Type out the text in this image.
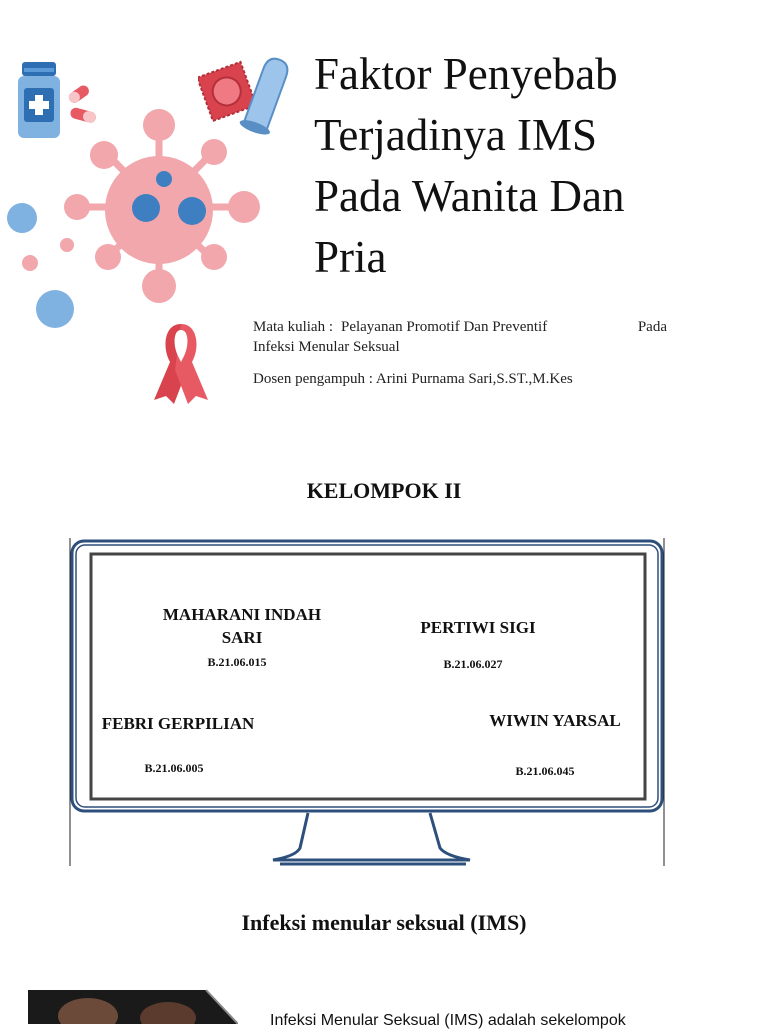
Faktor Penyebab
Terjadinya IMS
Pada Wanita Dan
Pria
Mata kuliah : Pelayanan Promotif Dan Preventif	Pada
Infeksi Menular Seksual
Dosen pengampuh : Arini Purnama Sari,S.ST.,M.Kes
KELOMPOK II
MAHARANI INDAH
SARI
B.21.06.015
PERTIWI SIGI
B.21.06.027
FEBRI GERPILIAN
B.21.06.005
WIWIN YARSAL
B.21.06.045
Infeksi menular seksual (IMS)
Infeksi Menular Seksual (IMS) adalah sekelompok
